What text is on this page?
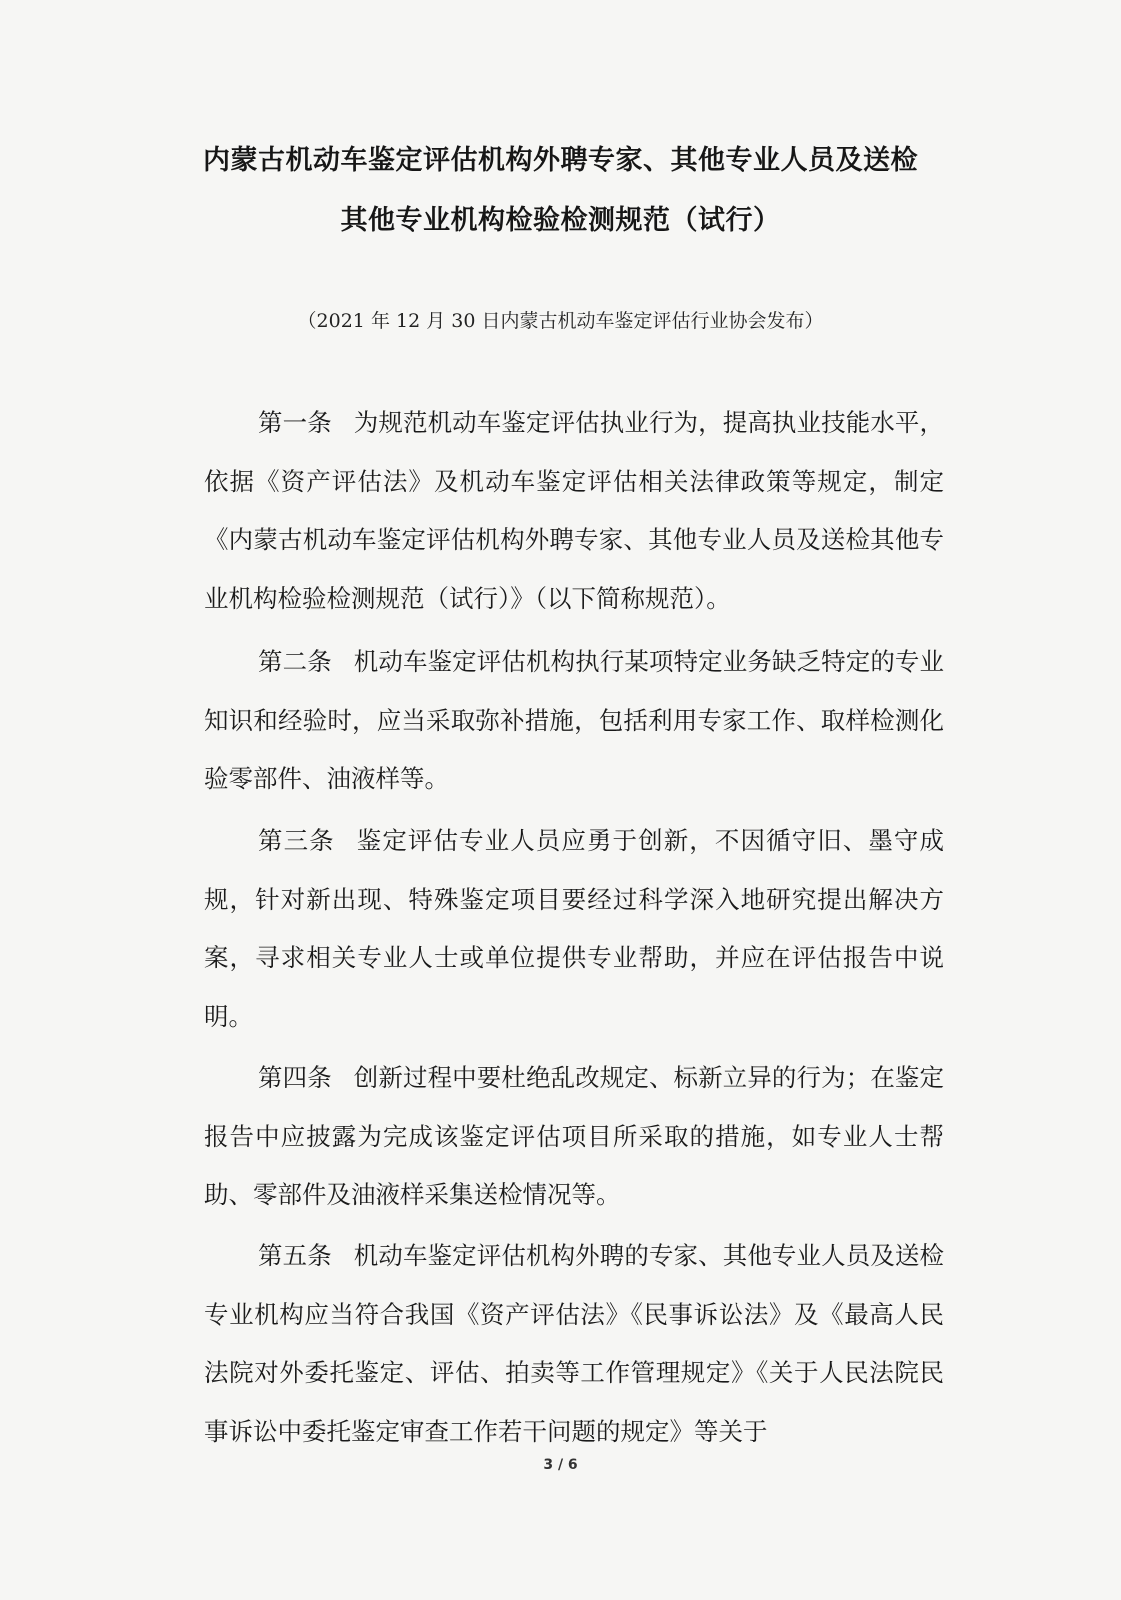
内蒙古机动车鉴定评估机构外聘专家、其他专业人员及送检
其他专业机构检验检测规范（试行）
（2021 年 12 月 30 日内蒙古机动车鉴定评估行业协会发布）
第一条 为规范机动车鉴定评估执业行为，提高执业技能水平，依据《资产评估法》及机动车鉴定评估相关法律政策等规定，制定《内蒙古机动车鉴定评估机构外聘专家、其他专业人员及送检其他专业机构检验检测规范（试行）》（以下简称规范）。
第二条 机动车鉴定评估机构执行某项特定业务缺乏特定的专业知识和经验时，应当采取弥补措施，包括利用专家工作、取样检测化验零部件、油液样等。
第三条 鉴定评估专业人员应勇于创新，不因循守旧、墨守成规，针对新出现、特殊鉴定项目要经过科学深入地研究提出解决方案，寻求相关专业人士或单位提供专业帮助，并应在评估报告中说明。
第四条 创新过程中要杜绝乱改规定、标新立异的行为；在鉴定报告中应披露为完成该鉴定评估项目所采取的措施，如专业人士帮助、零部件及油液样采集送检情况等。
第五条 机动车鉴定评估机构外聘的专家、其他专业人员及送检专业机构应当符合我国《资产评估法》《民事诉讼法》及《最高人民法院对外委托鉴定、评估、拍卖等工作管理规定》《关于人民法院民事诉讼中委托鉴定审查工作若干问题的规定》等关于
3 / 6
